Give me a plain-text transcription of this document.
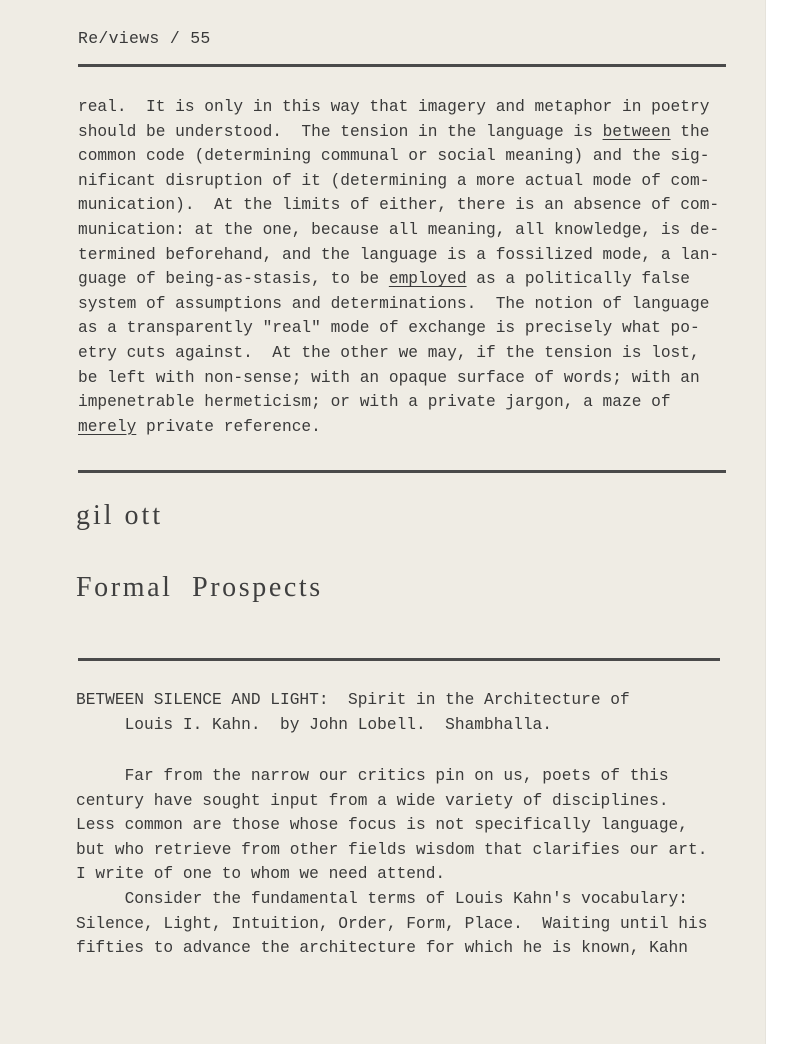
Re/views / 55
real.  It is only in this way that imagery and metaphor in poetry
should be understood.  The tension in the language is between the
common code (determining communal or social meaning) and the sig-
nificant disruption of it (determining a more actual mode of com-
munication).  At the limits of either, there is an absence of com-
munication: at the one, because all meaning, all knowledge, is de-
termined beforehand, and the language is a fossilized mode, a lan-
guage of being-as-stasis, to be employed as a politically false
system of assumptions and determinations.  The notion of language
as a transparently "real" mode of exchange is precisely what po-
etry cuts against.  At the other we may, if the tension is lost,
be left with non-sense; with an opaque surface of words; with an
impenetrable hermeticism; or with a private jargon, a maze of
merely private reference.
gil ott
Formal Prospects
BETWEEN SILENCE AND LIGHT:  Spirit in the Architecture of
Louis I. Kahn.  by John Lobell.  Shambhalla.
Far from the narrow our critics pin on us, poets of this
century have sought input from a wide variety of disciplines.
Less common are those whose focus is not specifically language,
but who retrieve from other fields wisdom that clarifies our art.
I write of one to whom we need attend.
Consider the fundamental terms of Louis Kahn's vocabulary:
Silence, Light, Intuition, Order, Form, Place.  Waiting until his
fifties to advance the architecture for which he is known, Kahn
